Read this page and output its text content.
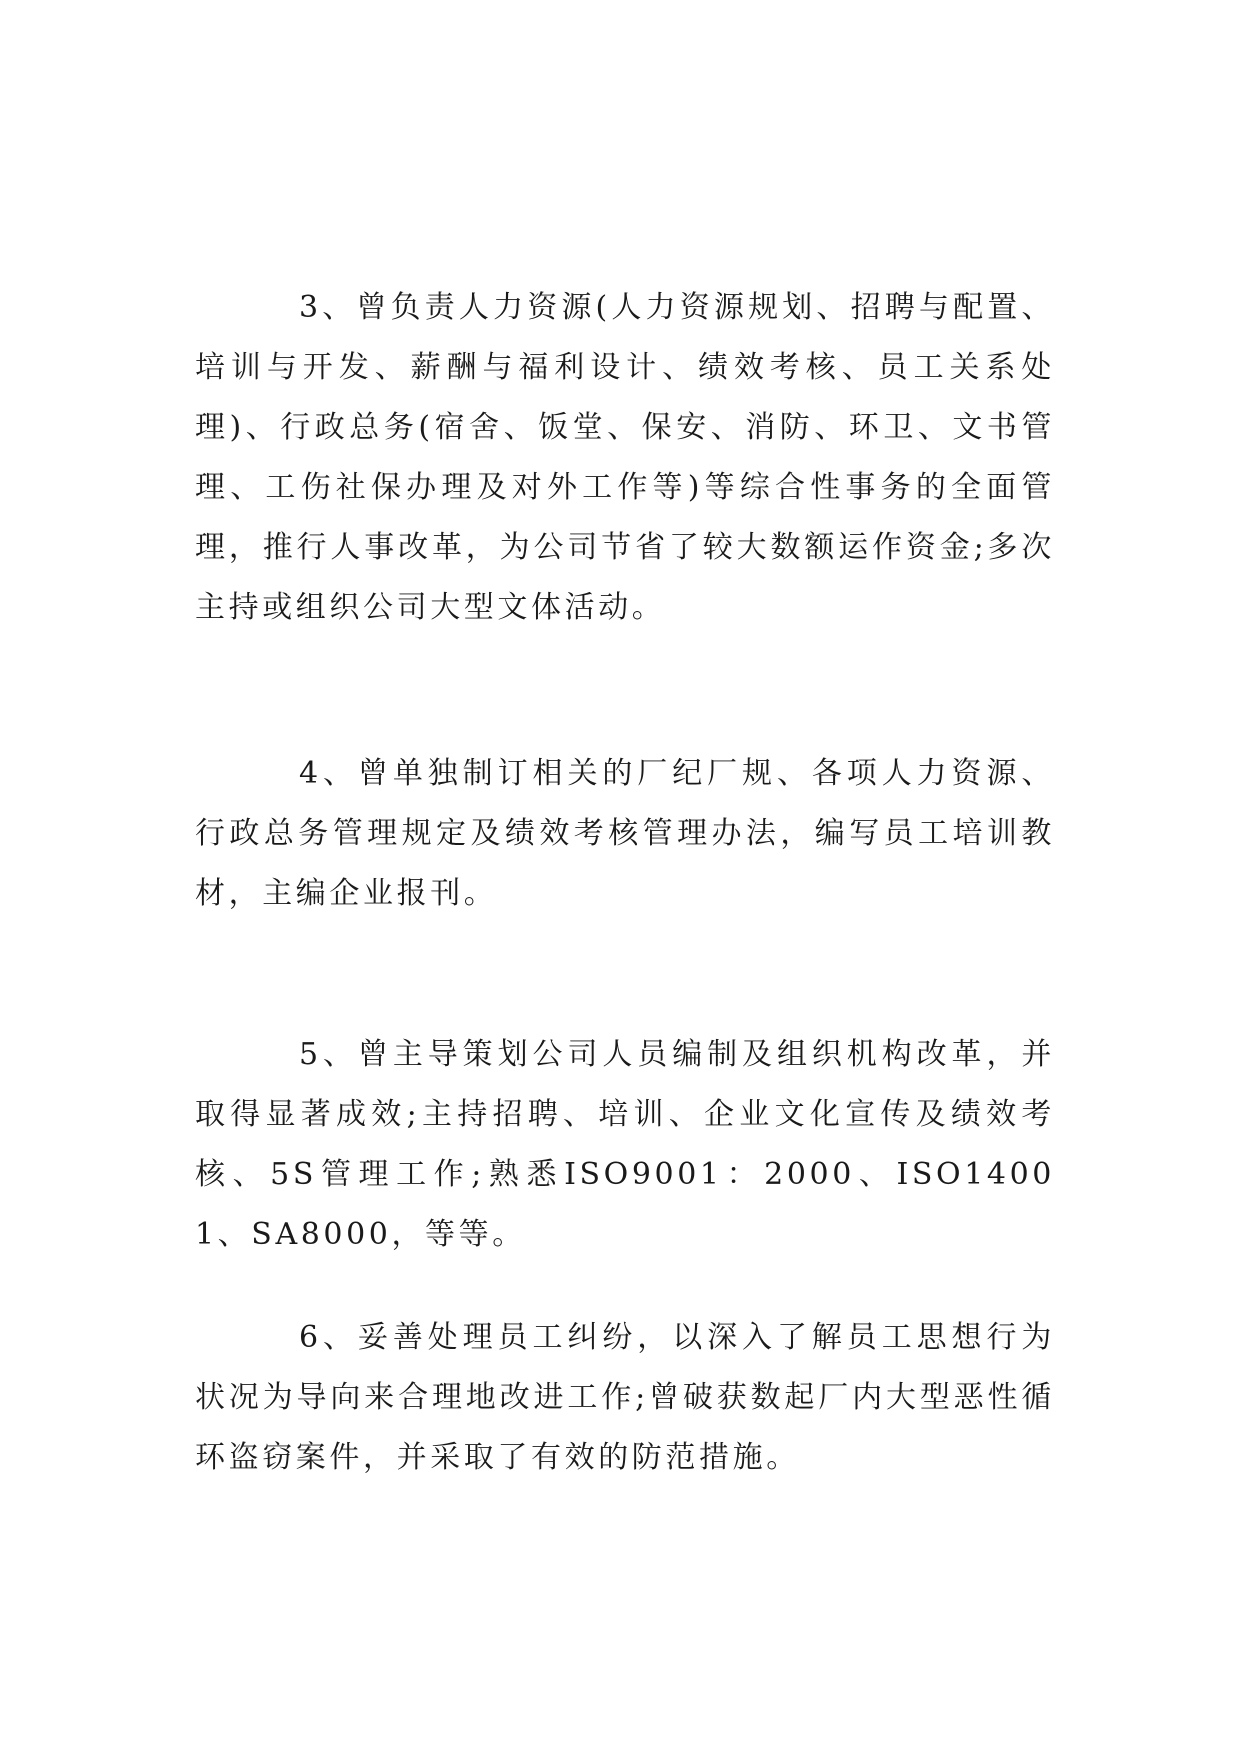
3、曾负责人力资源(人力资源规划、招聘与配置、培训与开发、薪酬与福利设计、绩效考核、员工关系处理)、行政总务(宿舍、饭堂、保安、消防、环卫、文书管理、工伤社保办理及对外工作等)等综合性事务的全面管理，推行人事改革，为公司节省了较大数额运作资金;多次主持或组织公司大型文体活动。

4、曾单独制订相关的厂纪厂规、各项人力资源、行政总务管理规定及绩效考核管理办法，编写员工培训教材，主编企业报刊。

5、曾主导策划公司人员编制及组织机构改革，并取得显著成效;主持招聘、培训、企业文化宣传及绩效考核、5S管理工作;熟悉ISO9001：2000、ISO14001、SA8000，等等。

6、妥善处理员工纠纷，以深入了解员工思想行为状况为导向来合理地改进工作;曾破获数起厂内大型恶性循环盗窃案件，并采取了有效的防范措施。
